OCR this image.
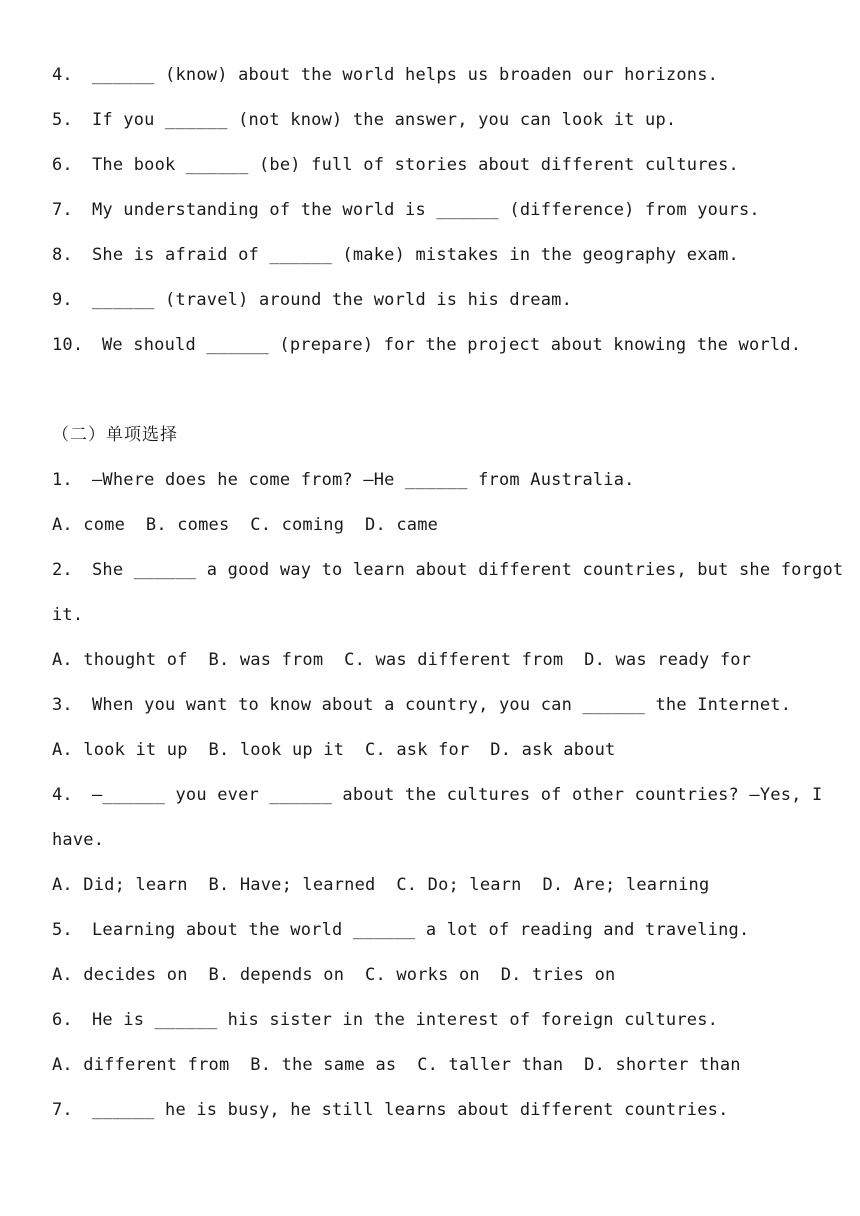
4. ______ (know) about the world helps us broaden our horizons.
5. If you ______ (not know) the answer, you can look it up.
6. The book ______ (be) full of stories about different cultures.
7. My understanding of the world is ______ (difference) from yours.
8. She is afraid of ______ (make) mistakes in the geography exam.
9. ______ (travel) around the world is his dream.
10. We should ______ (prepare) for the project about knowing the world.
（二）单项选择
1. —Where does he come from? —He ______ from Australia.
A. come  B. comes  C. coming  D. came
2. She ______ a good way to learn about different countries, but she forgot
it.
A. thought of  B. was from  C. was different from  D. was ready for
3. When you want to know about a country, you can ______ the Internet.
A. look it up  B. look up it  C. ask for  D. ask about
4. —______ you ever ______ about the cultures of other countries? —Yes, I
have.
A. Did; learn  B. Have; learned  C. Do; learn  D. Are; learning
5. Learning about the world ______ a lot of reading and traveling.
A. decides on  B. depends on  C. works on  D. tries on
6. He is ______ his sister in the interest of foreign cultures.
A. different from  B. the same as  C. taller than  D. shorter than
7. ______ he is busy, he still learns about different countries.
